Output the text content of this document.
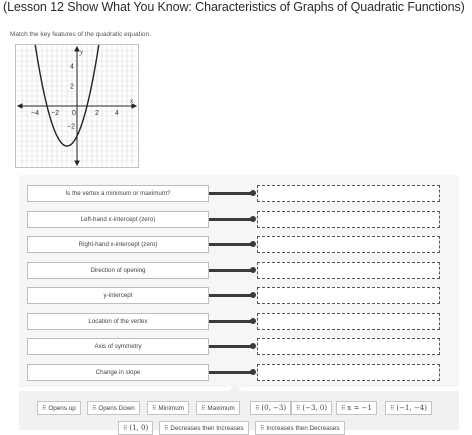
(Lesson 12 Show What You Know: Characteristics of Graphs of Quadratic Functions)
Match the key features of the quadratic equation.
−4 −2 0	2 4
4
2
−2
x
y
Is the vertex a minimum or maximum?
Left-hand x-intercept (zero)
Right-hand x-intercept (zero)
Direction of opening
y-intercept
Location of the vertex
Axis of symmetry
Change in slope
⠿ Opens up	⠿ Opens Down	⠿ Minimum	⠿ Maximum	⠿ (0, −3) ⠿ (−3, 0) ⠿ x = −1	⠿ (−1, −4)
⠿ (1, 0)	⠿ Decreases then Increases	⠿ Increases then Decreases
